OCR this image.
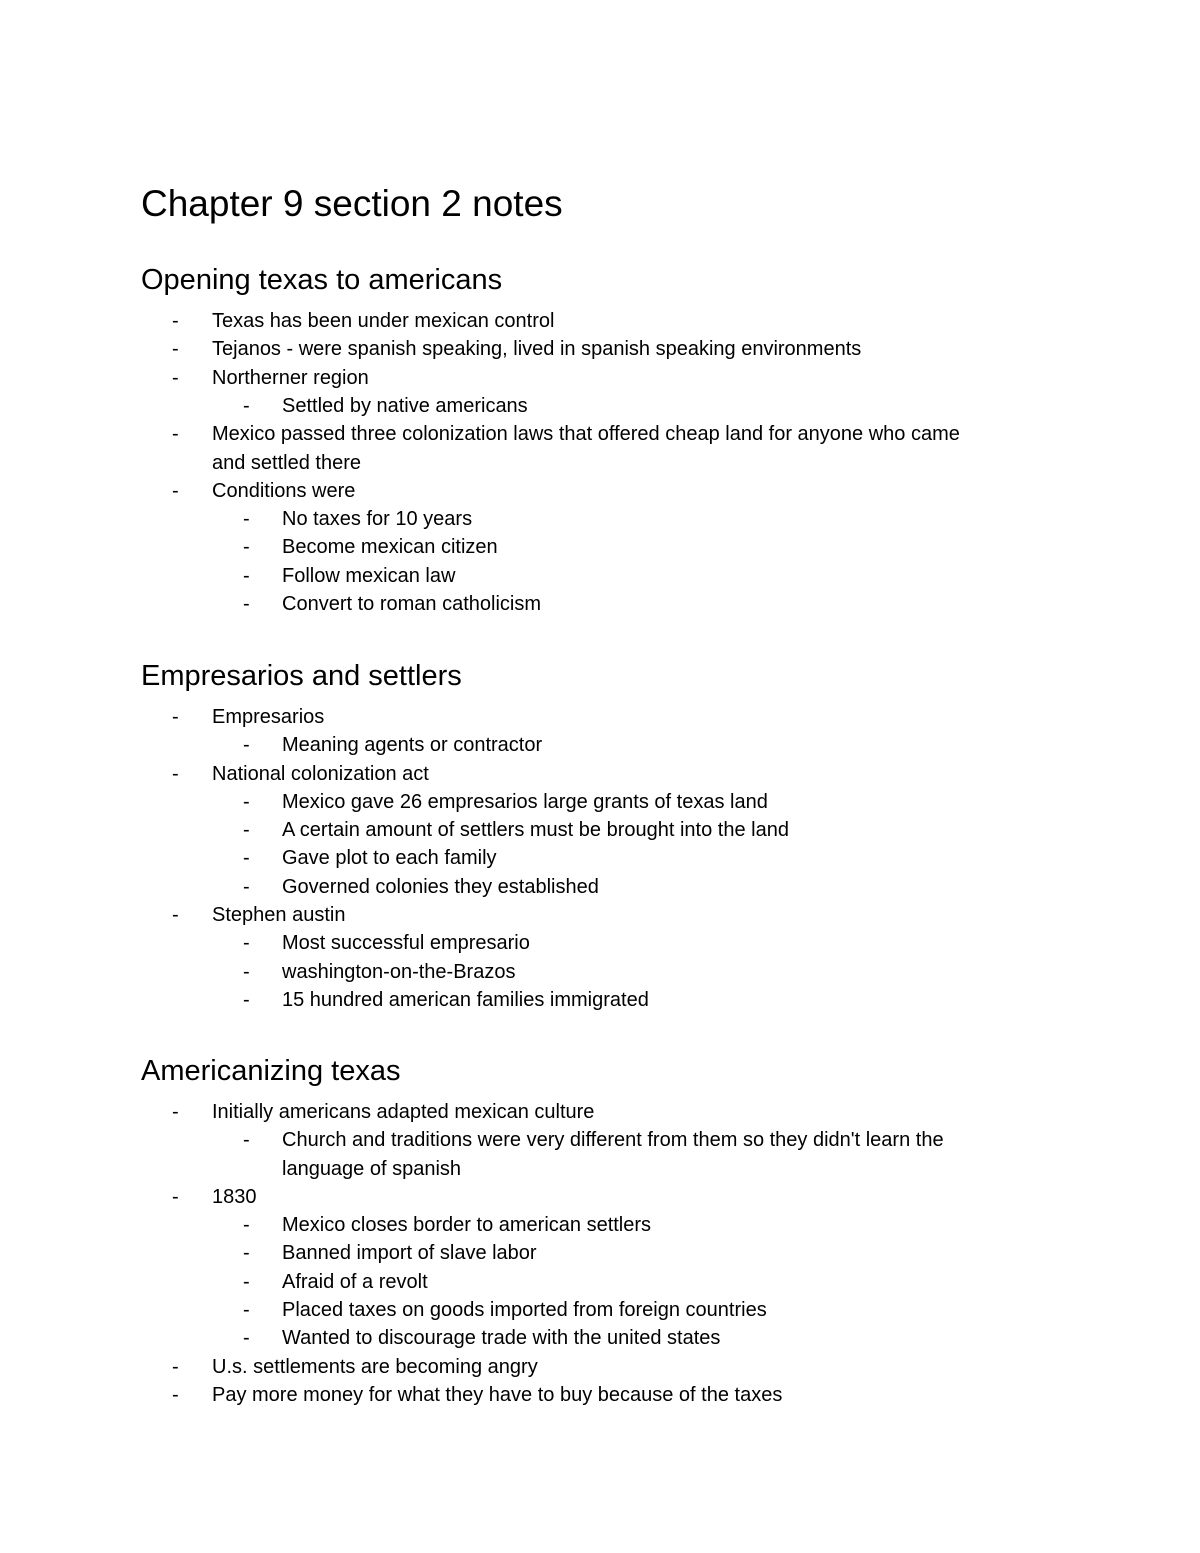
Chapter 9 section 2 notes
Opening texas to americans
- Texas has been under mexican control
- Tejanos - were spanish speaking, lived in spanish speaking environments
- Northerner region
- Settled by native americans
- Mexico passed three colonization laws that offered cheap land for anyone who came
and settled there
- Conditions were
- No taxes for 10 years
- Become mexican citizen
- Follow mexican law
- Convert to roman catholicism
Empresarios and settlers
- Empresarios
- Meaning agents or contractor
- National colonization act
- Mexico gave 26 empresarios large grants of texas land
- A certain amount of settlers must be brought into the land
- Gave plot to each family
- Governed colonies they established
- Stephen austin
- Most successful empresario
- washington-on-the-Brazos
- 15 hundred american families immigrated
Americanizing texas
- Initially americans adapted mexican culture
- Church and traditions were very different from them so they didn't learn the
language of spanish
- 1830
- Mexico closes border to american settlers
- Banned import of slave labor
- Afraid of a revolt
- Placed taxes on goods imported from foreign countries
- Wanted to discourage trade with the united states
- U.s. settlements are becoming angry
- Pay more money for what they have to buy because of the taxes
